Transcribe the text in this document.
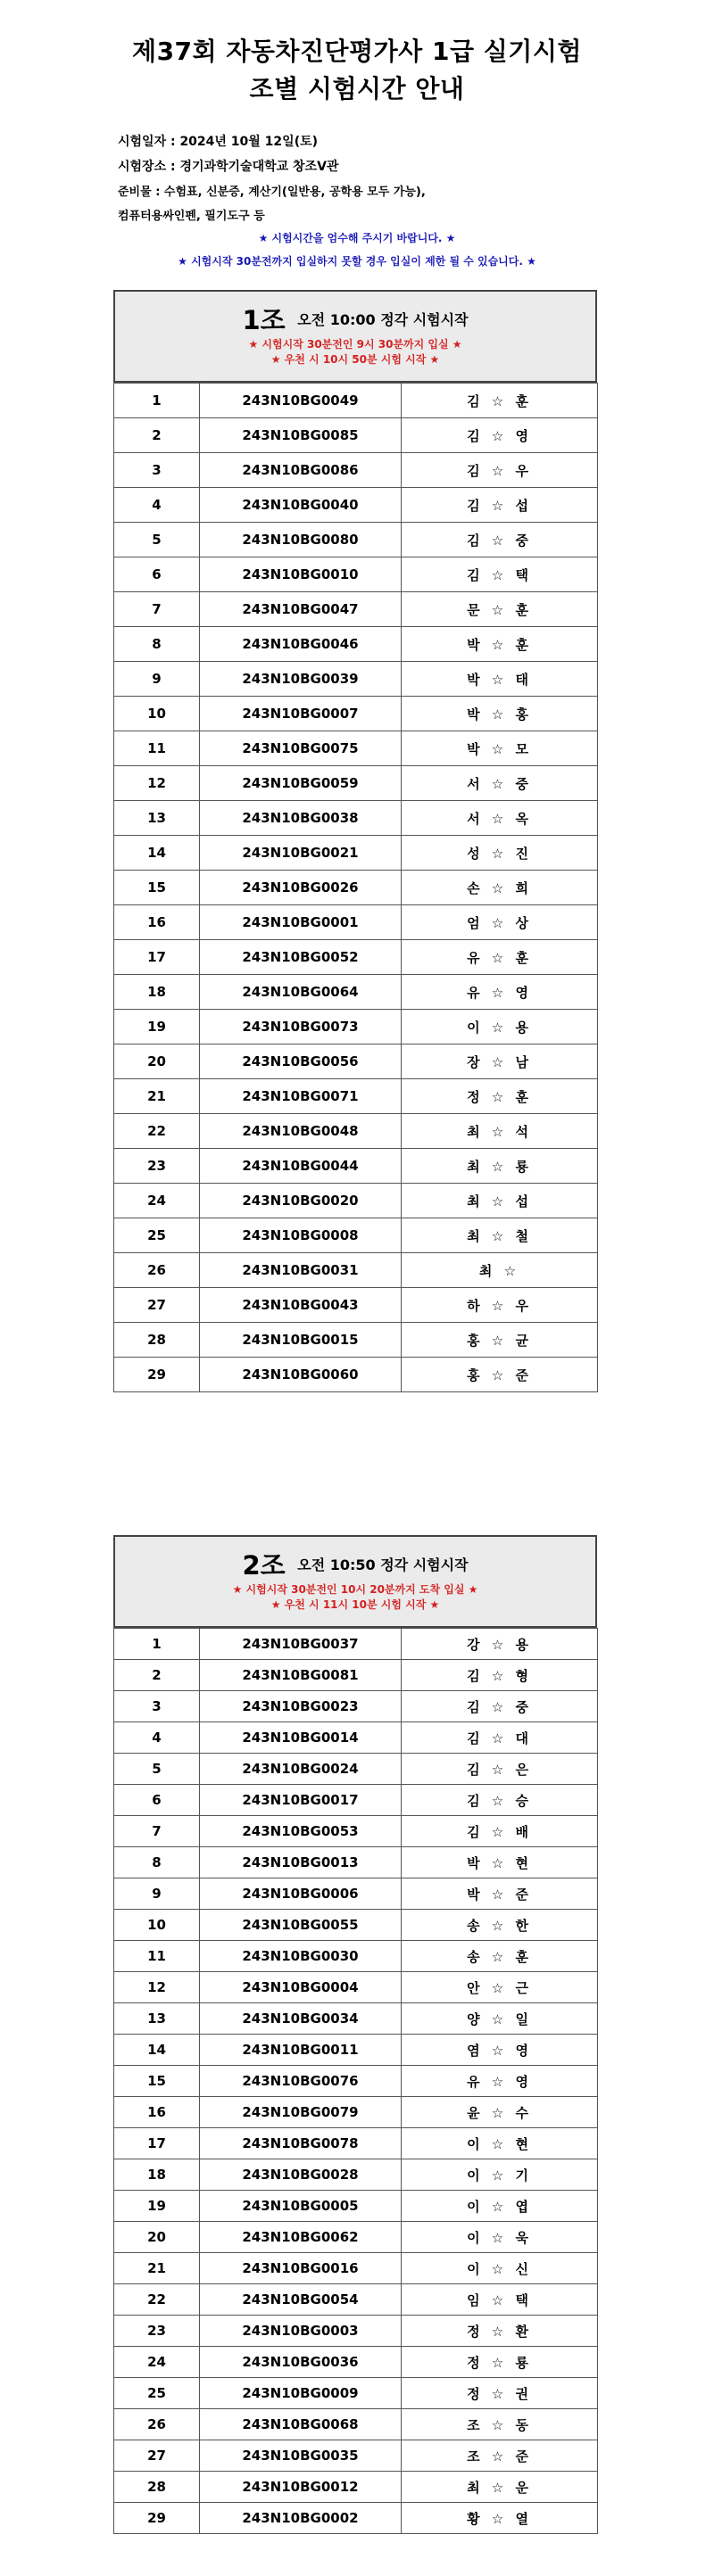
제37회 자동차진단평가사 1급 실기시험
조별 시험시간 안내
시험일자 : 2024년 10월 12일(토)
시험장소 : 경기과학기술대학교 창조V관
준비물 : 수험표, 신분증, 계산기(일반용, 공학용 모두 가능),
컴퓨터용싸인펜, 필기도구 등
★ 시험시간을 엄수해 주시기 바랍니다. ★
★ 시험시작 30분전까지 입실하지 못할 경우 입실이 제한 될 수 있습니다. ★
1조 오전 10:00 정각 시험시작
★ 시험시작 30분전인 9시 30분까지 입실 ★
★ 우천 시 10시 50분 시험 시작 ★
1	243N10BG0049	김 ☆ 훈
2	243N10BG0085	김 ☆ 영
3	243N10BG0086	김 ☆ 우
4	243N10BG0040	김 ☆ 섭
5	243N10BG0080	김 ☆ 중
6	243N10BG0010	김 ☆ 택
7	243N10BG0047	문 ☆ 훈
8	243N10BG0046	박 ☆ 훈
9	243N10BG0039	박 ☆ 태
10	243N10BG0007	박 ☆ 홍
11	243N10BG0075	박 ☆ 모
12	243N10BG0059	서 ☆ 중
13	243N10BG0038	서 ☆ 옥
14	243N10BG0021	성 ☆ 진
15	243N10BG0026	손 ☆ 희
16	243N10BG0001	엄 ☆ 상
17	243N10BG0052	유 ☆ 훈
18	243N10BG0064	유 ☆ 영
19	243N10BG0073	이 ☆ 용
20	243N10BG0056	장 ☆ 남
21	243N10BG0071	정 ☆ 훈
22	243N10BG0048	최 ☆ 석
23	243N10BG0044	최 ☆ 룡
24	243N10BG0020	최 ☆ 섭
25	243N10BG0008	최 ☆ 철
26	243N10BG0031	최 ☆
27	243N10BG0043	하 ☆ 우
28	243N10BG0015	홍 ☆ 균
29	243N10BG0060	홍 ☆ 준
2조 오전 10:50 정각 시험시작
★ 시험시작 30분전인 10시 20분까지 도착 입실 ★
★ 우천 시 11시 10분 시험 시작 ★
1	243N10BG0037	강 ☆ 용
2	243N10BG0081	김 ☆ 형
3	243N10BG0023	김 ☆ 중
4	243N10BG0014	김 ☆ 대
5	243N10BG0024	김 ☆ 은
6	243N10BG0017	김 ☆ 승
7	243N10BG0053	김 ☆ 배
8	243N10BG0013	박 ☆ 현
9	243N10BG0006	박 ☆ 준
10	243N10BG0055	송 ☆ 한
11	243N10BG0030	송 ☆ 훈
12	243N10BG0004	안 ☆ 근
13	243N10BG0034	양 ☆ 일
14	243N10BG0011	염 ☆ 영
15	243N10BG0076	유 ☆ 영
16	243N10BG0079	윤 ☆ 수
17	243N10BG0078	이 ☆ 현
18	243N10BG0028	이 ☆ 기
19	243N10BG0005	이 ☆ 엽
20	243N10BG0062	이 ☆ 욱
21	243N10BG0016	이 ☆ 신
22	243N10BG0054	임 ☆ 택
23	243N10BG0003	정 ☆ 환
24	243N10BG0036	정 ☆ 룡
25	243N10BG0009	정 ☆ 권
26	243N10BG0068	조 ☆ 동
27	243N10BG0035	조 ☆ 준
28	243N10BG0012	최 ☆ 운
29	243N10BG0002	황 ☆ 열
